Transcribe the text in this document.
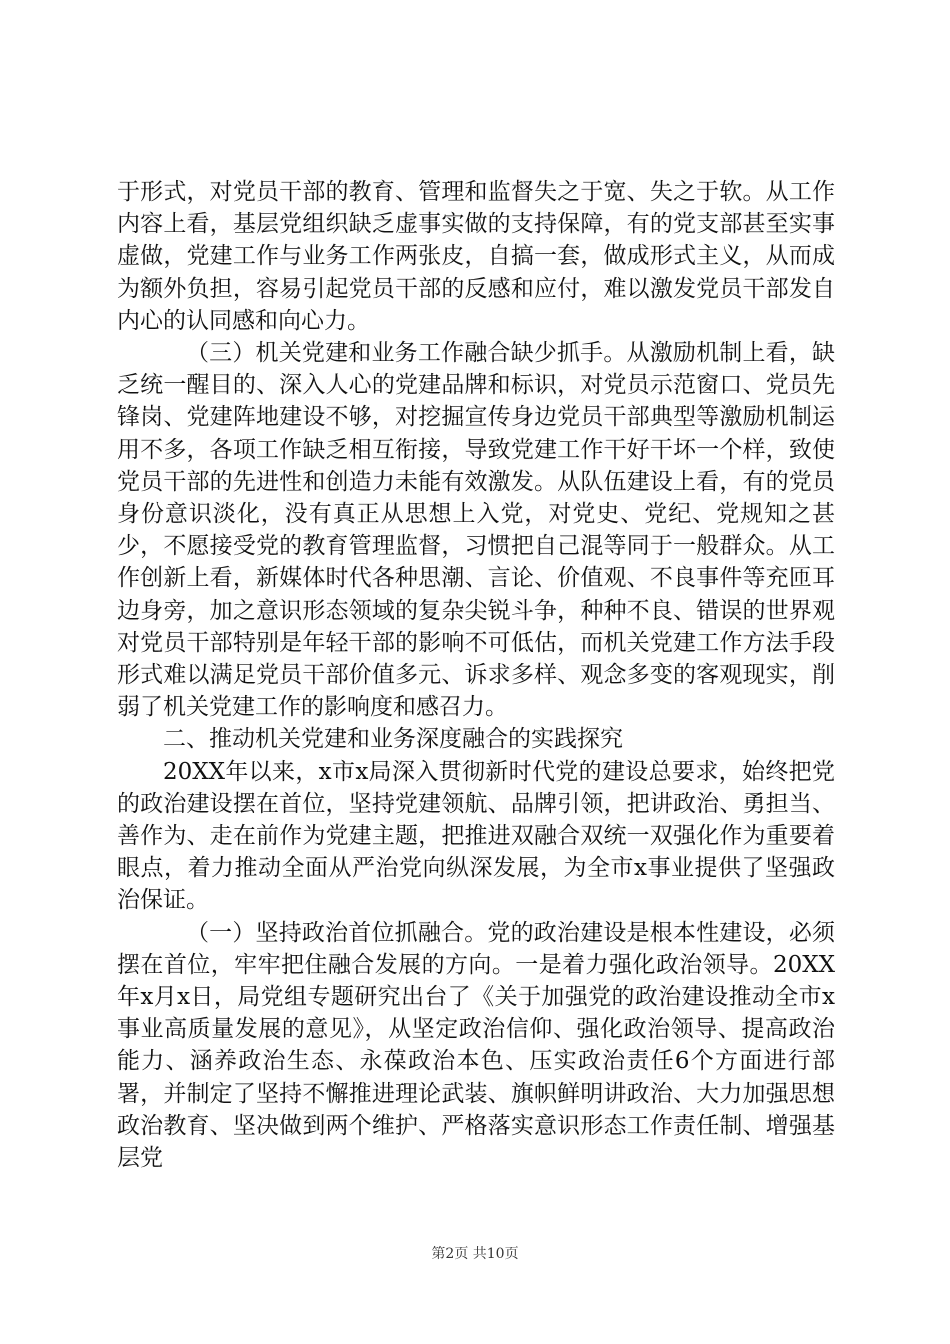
于形式，对党员干部的教育、管理和监督失之于宽、失之于软。从工作内容上看，基层党组织缺乏虚事实做的支持保障，有的党支部甚至实事虚做，党建工作与业务工作两张皮，自搞一套，做成形式主义，从而成为额外负担，容易引起党员干部的反感和应付，难以激发党员干部发自内心的认同感和向心力。

（三）机关党建和业务工作融合缺少抓手。从激励机制上看，缺乏统一醒目的、深入人心的党建品牌和标识，对党员示范窗口、党员先锋岗、党建阵地建设不够，对挖掘宣传身边党员干部典型等激励机制运用不多，各项工作缺乏相互衔接，导致党建工作干好干坏一个样，致使党员干部的先进性和创造力未能有效激发。从队伍建设上看，有的党员身份意识淡化，没有真正从思想上入党，对党史、党纪、党规知之甚少，不愿接受党的教育管理监督，习惯把自己混等同于一般群众。从工作创新上看，新媒体时代各种思潮、言论、价值观、不良事件等充匝耳边身旁，加之意识形态领域的复杂尖锐斗争，种种不良、错误的世界观对党员干部特别是年轻干部的影响不可低估，而机关党建工作方法手段形式难以满足党员干部价值多元、诉求多样、观念多变的客观现实，削弱了机关党建工作的影响度和感召力。

二、推动机关党建和业务深度融合的实践探究

20XX年以来，x市x局深入贯彻新时代党的建设总要求，始终把党的政治建设摆在首位，坚持党建领航、品牌引领，把讲政治、勇担当、善作为、走在前作为党建主题，把推进双融合双统一双强化作为重要着眼点，着力推动全面从严治党向纵深发展，为全市x事业提供了坚强政治保证。

（一）坚持政治首位抓融合。党的政治建设是根本性建设，必须摆在首位，牢牢把住融合发展的方向。一是着力强化政治领导。20XX年x月x日，局党组专题研究出台了《关于加强党的政治建设推动全市x事业高质量发展的意见》，从坚定政治信仰、强化政治领导、提高政治能力、涵养政治生态、永葆政治本色、压实政治责任6个方面进行部署，并制定了坚持不懈推进理论武装、旗帜鲜明讲政治、大力加强思想政治教育、坚决做到两个维护、严格落实意识形态工作责任制、增强基层党

第2页 共10页
